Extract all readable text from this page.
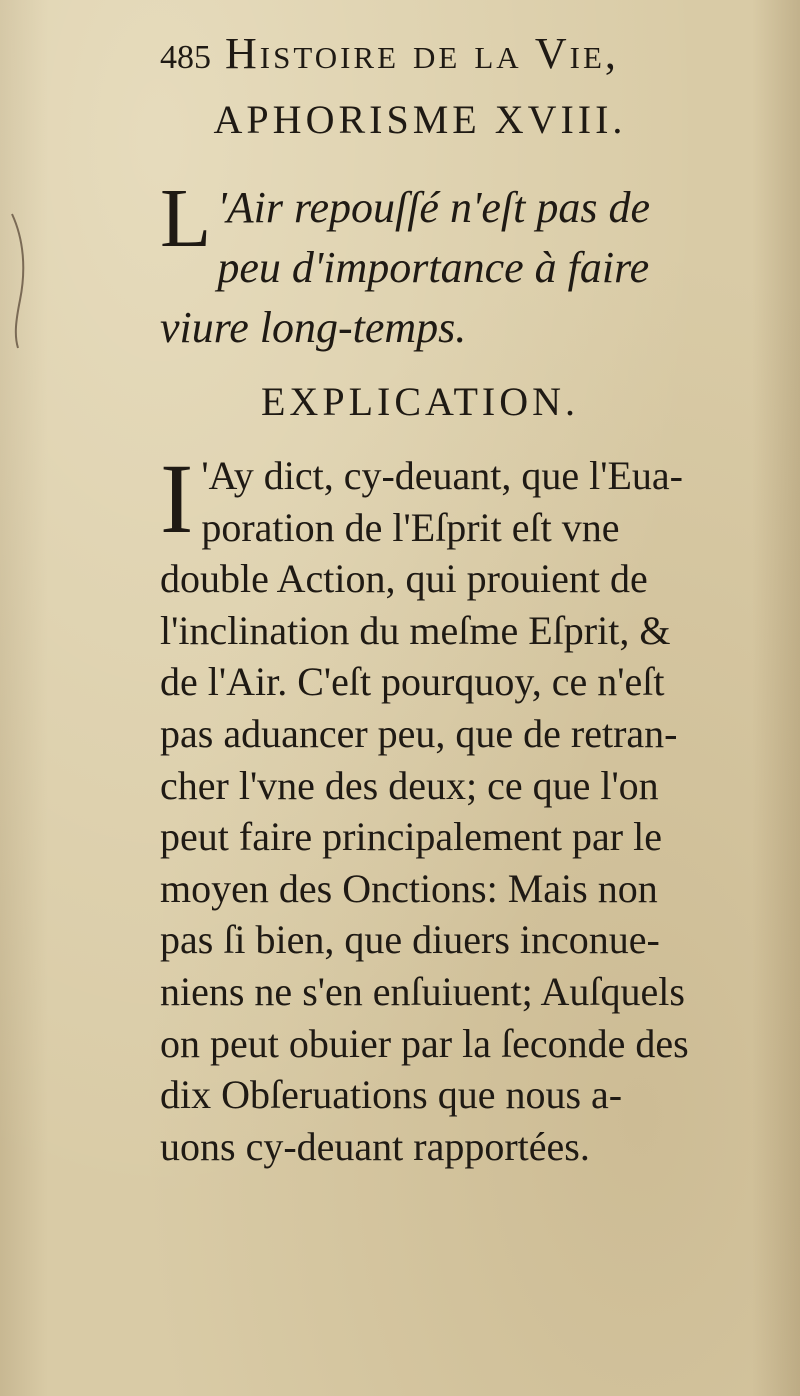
485 Histoire de la Vie,
APHORISME XVIII.
L 'Air repouſſé n'eſt pas de
peu d'importance à faire
viure long-temps.
EXPLICATION.
I 'Ay dict, cy-deuant, que l'Eua-
poration de l'Eſprit eſt vne
double Action, qui prouient de
l'inclination du meſme Eſprit, &
de l'Air. C'eſt pourquoy, ce n'eſt
pas aduancer peu, que de retran-
cher l'vne des deux; ce que l'on
peut faire principalement par le
moyen des Onctions: Mais non
pas ſi bien, que diuers inconue-
niens ne s'en enſuiuent; Auſquels
on peut obuier par la ſeconde des
dix Obſeruations que nous a-
uons cy-deuant rapportées.
